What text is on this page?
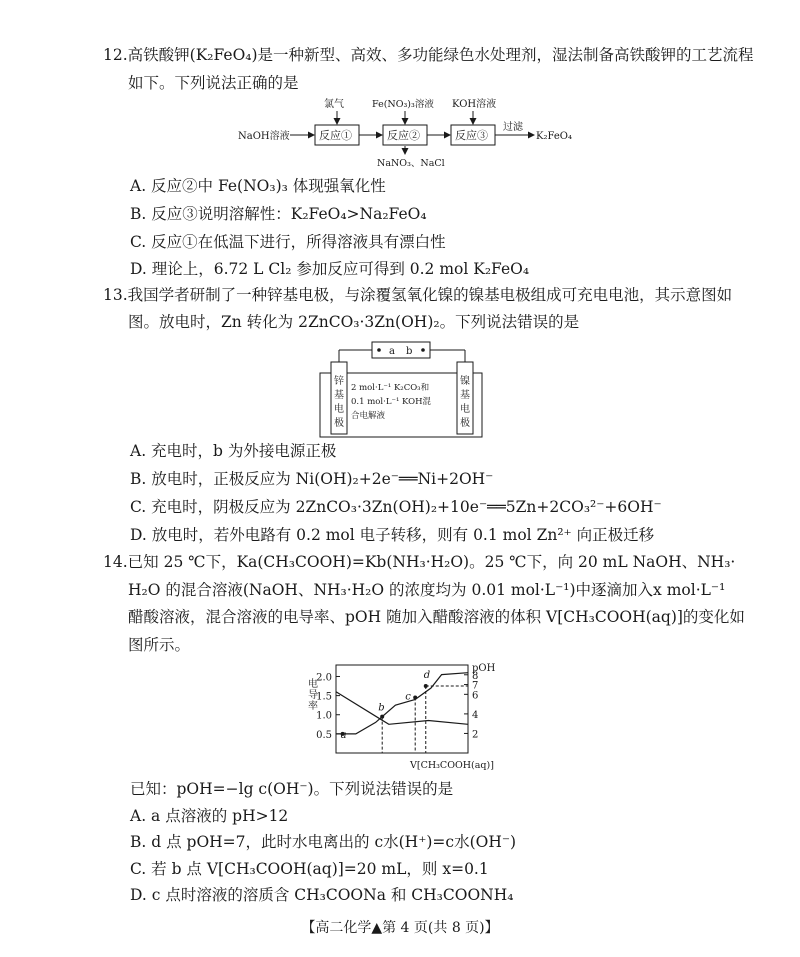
12.高铁酸钾(K₂FeO₄)是一种新型、高效、多功能绿色水处理剂，湿法制备高铁酸钾的工艺流程
如下。下列说法正确的是
NaOH溶液	反应①
氯气
反应②
Fe(NO₃)₃溶液
NaNO₃、NaCl
反应③
KOH溶液
过滤
K₂FeO₄
A. 反应②中 Fe(NO₃)₃ 体现强氧化性
B. 反应③说明溶解性：K₂FeO₄>Na₂FeO₄
C. 反应①在低温下进行，所得溶液具有漂白性
D. 理论上，6.72 L Cl₂ 参加反应可得到 0.2 mol K₂FeO₄
13.我国学者研制了一种锌基电极，与涂覆氢氧化镍的镍基电极组成可充电电池，其示意图如
图。放电时，Zn 转化为 2ZnCO₃·3Zn(OH)₂。下列说法错误的是
a b
锌
基
电
极
镍
基
电
极
2 mol·L⁻¹ K₂CO₃和
0.1 mol·L⁻¹ KOH混
合电解液
A. 充电时，b 为外接电源正极
B. 放电时，正极反应为 Ni(OH)₂+2e⁻══Ni+2OH⁻
C. 充电时，阴极反应为 2ZnCO₃·3Zn(OH)₂+10e⁻══5Zn+2CO₃²⁻+6OH⁻
D. 放电时，若外电路有 0.2 mol 电子转移，则有 0.1 mol Zn²⁺ 向正极迁移
14.已知 25 ℃下，Ka(CH₃COOH)=Kb(NH₃·H₂O)。25 ℃下，向 20 mL NaOH、NH₃·
H₂O 的混合溶液(NaOH、NH₃·H₂O 的浓度均为 0.01 mol·L⁻¹)中逐滴加入x mol·L⁻¹
醋酸溶液，混合溶液的电导率、pOH 随加入醋酸溶液的体积 V[CH₃COOH(aq)]的变化如
图所示。
0.5
1.0
1.5
2.0
2
4
6
7
8
电导率
pOH
V[CH₃COOH(aq)]
a
b
c
d
已知：pOH=−lg c(OH⁻)。下列说法错误的是
A. a 点溶液的 pH>12
B. d 点 pOH=7，此时水电离出的 c水(H⁺)=c水(OH⁻)
C. 若 b 点 V[CH₃COOH(aq)]=20 mL，则 x=0.1
D. c 点时溶液的溶质含 CH₃COONa 和 CH₃COONH₄
【高二化学▲第 4 页(共 8 页)】
